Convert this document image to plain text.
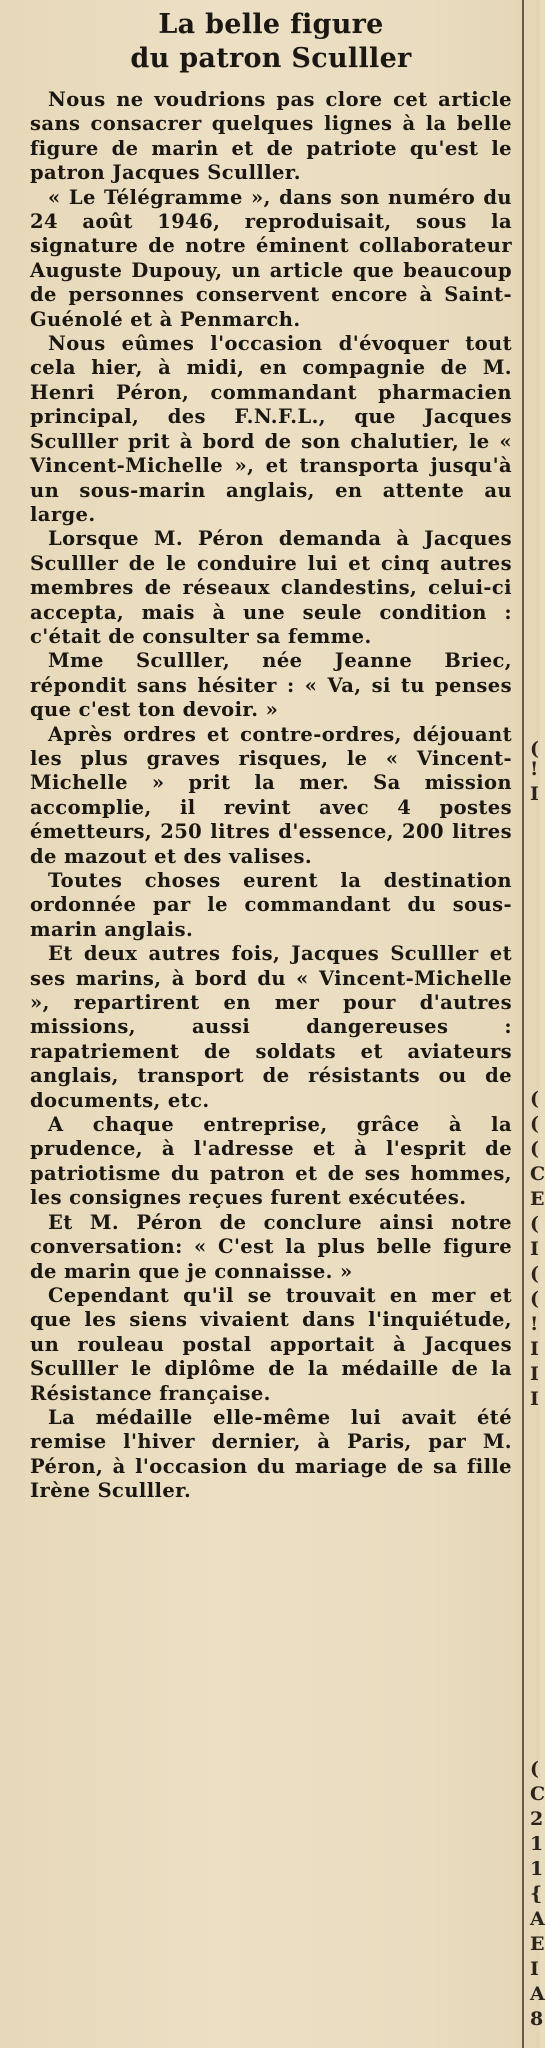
La belle figure
du patron Sculller

Nous ne voudrions pas clore cet article sans consacrer quelques lignes à la belle figure de marin et de patriote qu'est le patron Jacques Sculller.

« Le Télégramme », dans son numéro du 24 août 1946, reproduisait, sous la signature de notre éminent collaborateur Auguste Dupouy, un article que beaucoup de personnes conservent encore à Saint-Guénolé et à Penmarch.

Nous eûmes l'occasion d'évoquer tout cela hier, à midi, en compagnie de M. Henri Péron, commandant pharmacien principal, des F.N.F.L., que Jacques Sculller prit à bord de son chalutier, le « Vincent-Michelle », et transporta jusqu'à un sous-marin anglais, en attente au large.

Lorsque M. Péron demanda à Jacques Sculller de le conduire lui et cinq autres membres de réseaux clandestins, celui-ci accepta, mais à une seule condition : c'était de consulter sa femme.

Mme Sculller, née Jeanne Briec, répondit sans hésiter : « Va, si tu penses que c'est ton devoir. »

Après ordres et contre-ordres, déjouant les plus graves risques, le « Vincent-Michelle » prit la mer. Sa mission accomplie, il revint avec 4 postes émetteurs, 250 litres d'essence, 200 litres de mazout et des valises.

Toutes choses eurent la destination ordonnée par le commandant du sous-marin anglais.

Et deux autres fois, Jacques Sculller et ses marins, à bord du « Vincent-Michelle », repartirent en mer pour d'autres missions, aussi dangereuses : rapatriement de soldats et aviateurs anglais, transport de résistants ou de documents, etc.

A chaque entreprise, grâce à la prudence, à l'adresse et à l'esprit de patriotisme du patron et de ses hommes, les consignes reçues furent exécutées.

Et M. Péron de conclure ainsi notre conversation: « C'est la plus belle figure de marin que je connaisse. »

Cependant qu'il se trouvait en mer et que les siens vivaient dans l'inquiétude, un rouleau postal apportait à Jacques Sculller le diplôme de la médaille de la Résistance française.

La médaille elle-même lui avait été remise l'hiver dernier, à Paris, par M. Péron, à l'occasion du mariage de sa fille Irène Sculller.

(
!
I
(
(
(
C
E
(
I
(
(
!
I
I
I
(
C
2
1
1
{
A
E
I
A
8
